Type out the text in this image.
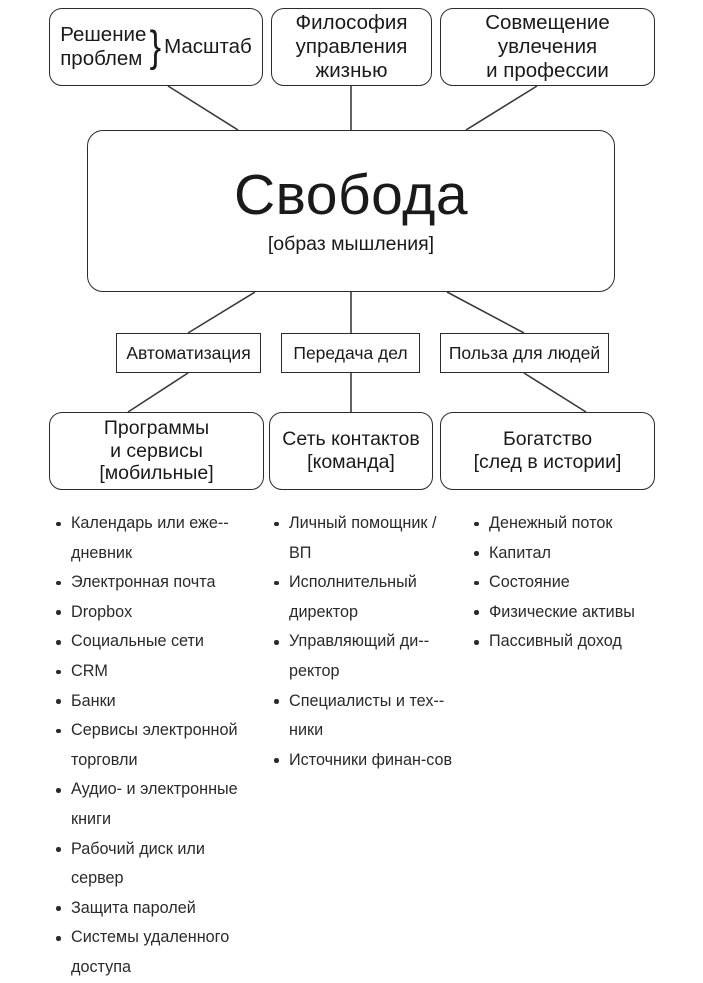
Решение
проблем } Масштаб
Философия
управления
жизнью
Совмещение
увлечения
и профессии
Свобода
[образ мышления]
Автоматизация Передача дел Польза для людей
Программы
и сервисы
[мобильные]
Сеть контактов
[команда]
Богатство
[след в истории]
Календарь или еже-дневник
Электронная почта
Dropbox
Социальные сети
CRM
Банки
Сервисы электронной торговли
Аудио- и электронные книги
Рабочий диск или сервер
Защита паролей
Системы удаленного доступа
Личный помощник / ВП
Исполнительный директор
Управляющий ди-ректор
Специалисты и тех-ники
Источники финан-сов
Денежный поток
Капитал
Состояние
Физические активы
Пассивный доход
